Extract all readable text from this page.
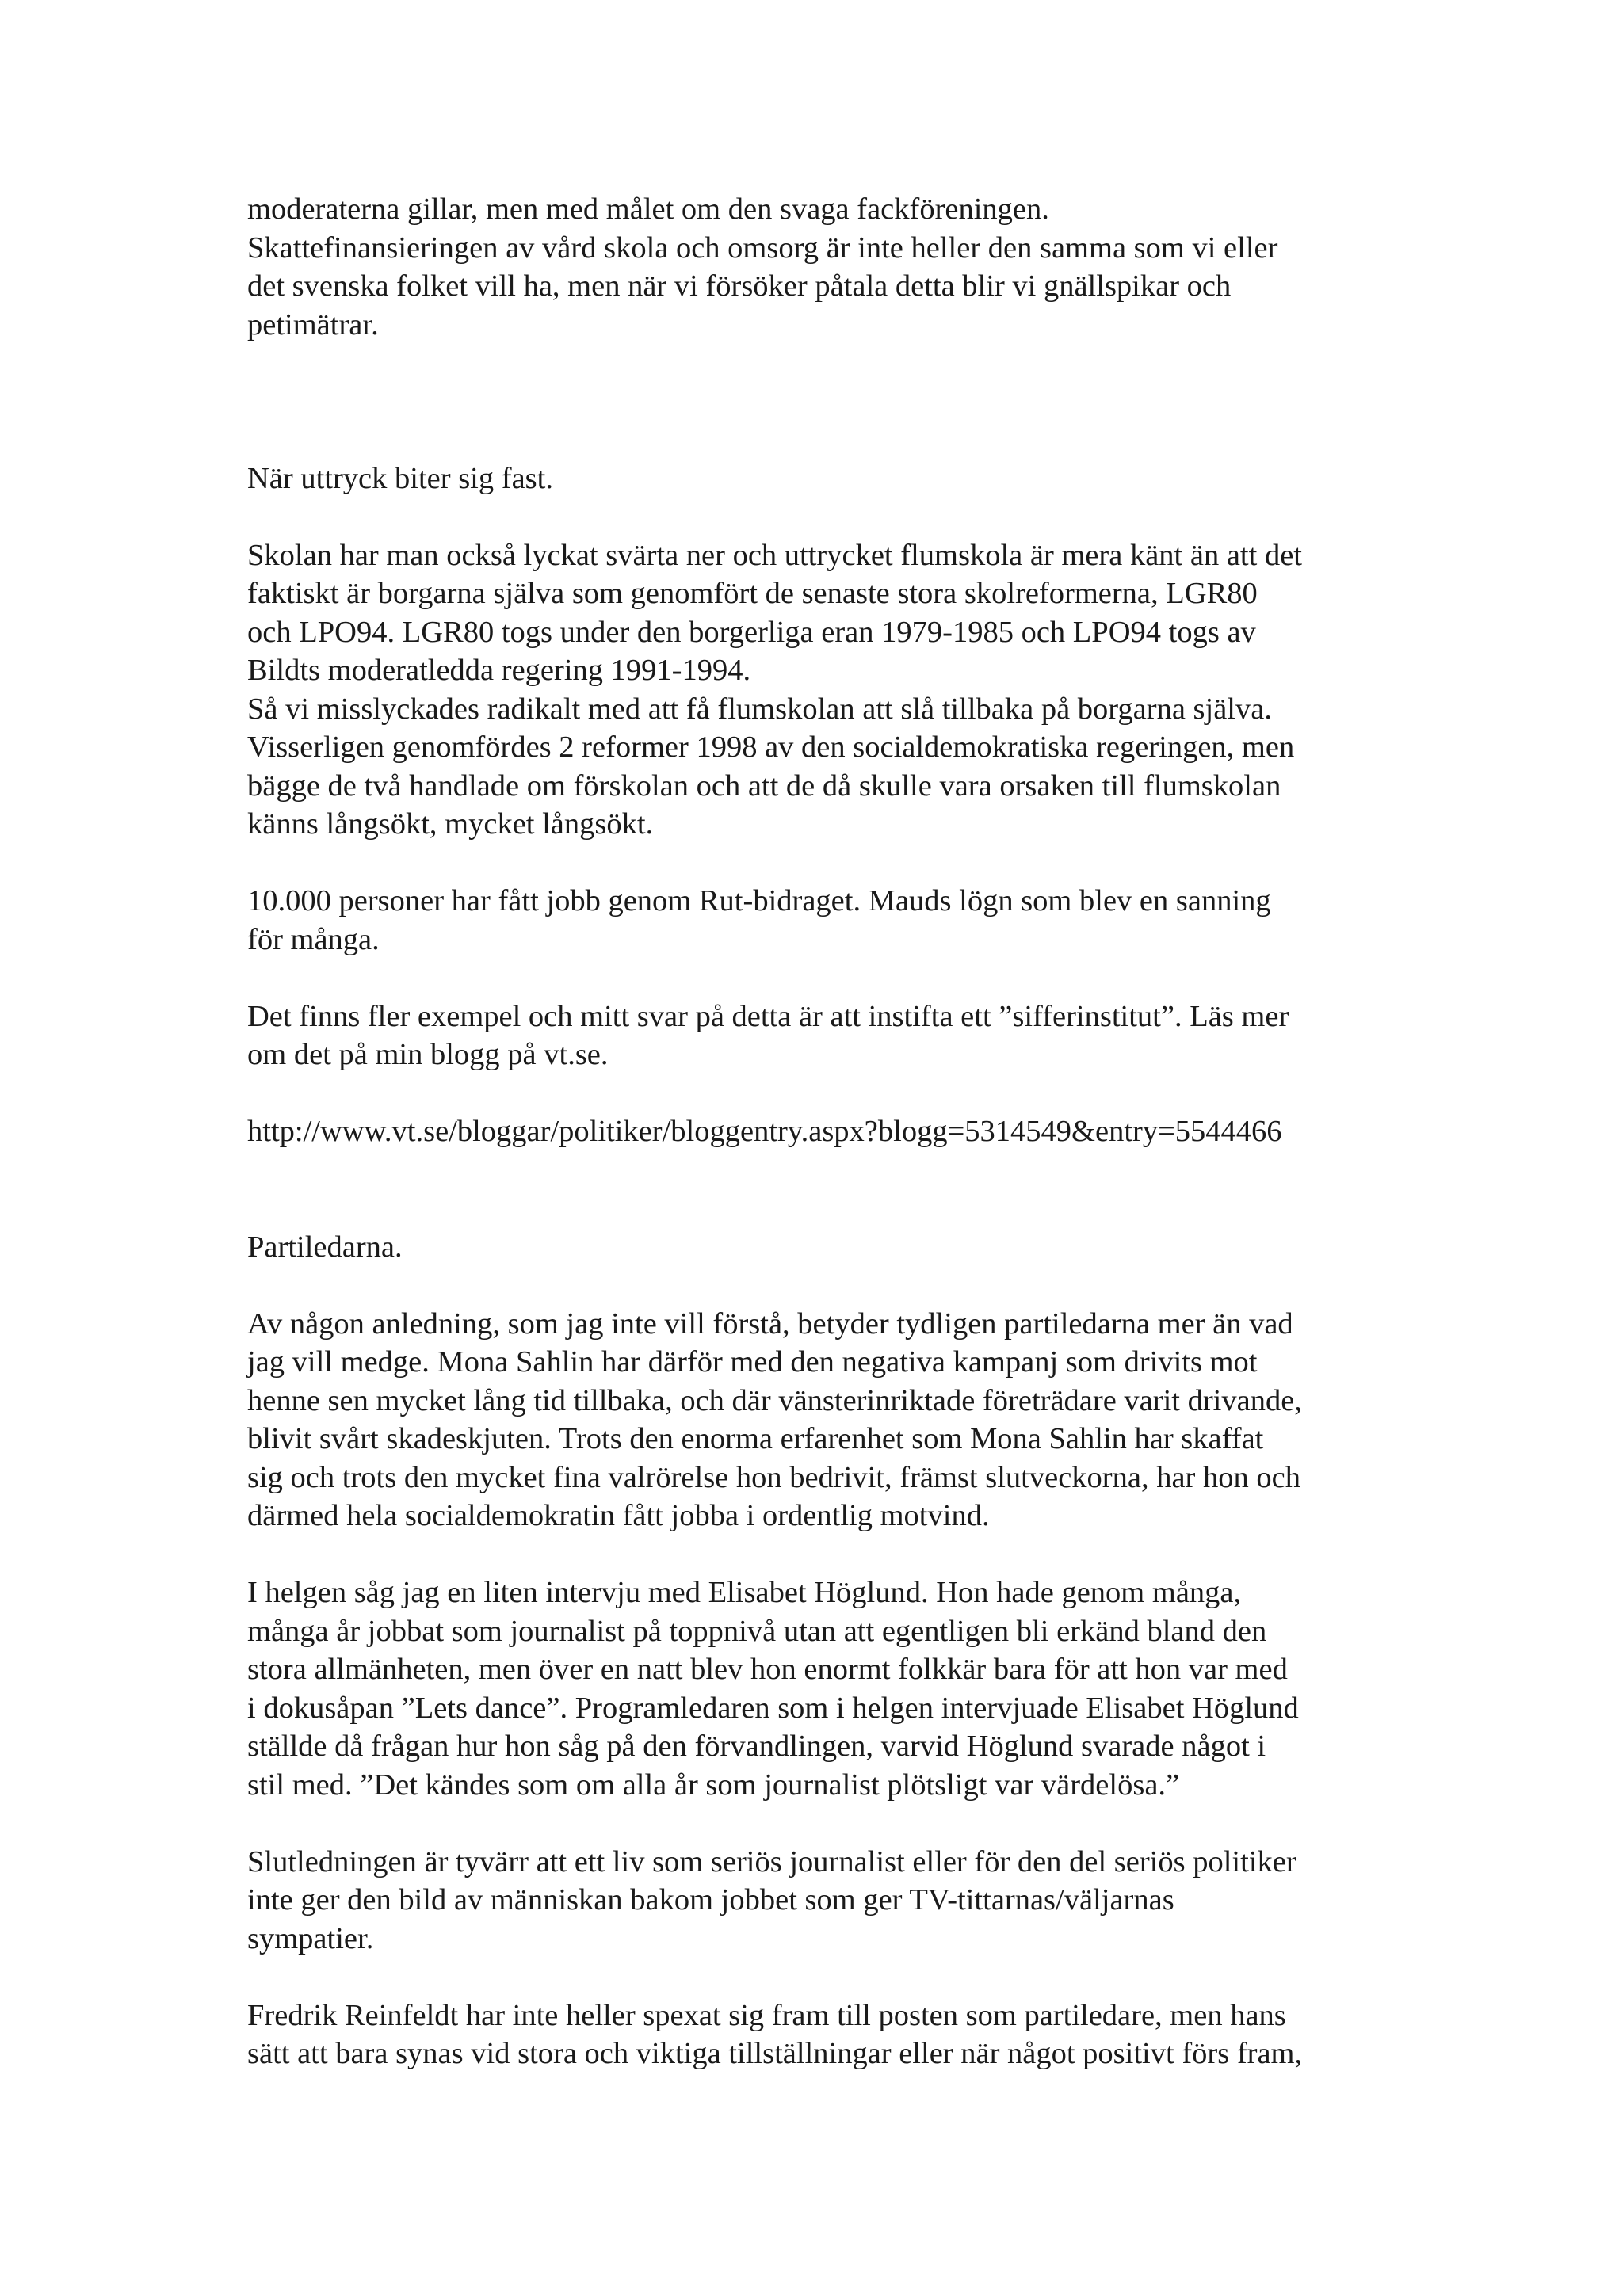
moderaterna gillar, men med målet om den svaga fackföreningen.
Skattefinansieringen av vård skola och omsorg är inte heller den samma som vi eller
det svenska folket vill ha, men när vi försöker påtala detta blir vi gnällspikar och
petimätrar.
När uttryck biter sig fast.
Skolan har man också lyckat svärta ner och uttrycket flumskola är mera känt än att det
faktiskt är borgarna själva som genomfört de senaste stora skolreformerna, LGR80
och LPO94. LGR80 togs under den borgerliga eran 1979-1985 och LPO94 togs av
Bildts moderatledda regering 1991-1994.
Så vi misslyckades radikalt med att få flumskolan att slå tillbaka på borgarna själva.
Visserligen genomfördes 2 reformer 1998 av den socialdemokratiska regeringen, men
bägge de två handlade om förskolan och att de då skulle vara orsaken till flumskolan
känns långsökt, mycket långsökt.
10.000 personer har fått jobb genom Rut-bidraget. Mauds lögn som blev en sanning
för många.
Det finns fler exempel och mitt svar på detta är att instifta ett ”sifferinstitut”. Läs mer
om det på min blogg på vt.se.
http://www.vt.se/bloggar/politiker/bloggentry.aspx?blogg=5314549&entry=5544466
Partiledarna.
Av någon anledning, som jag inte vill förstå, betyder tydligen partiledarna mer än vad
jag vill medge. Mona Sahlin har därför med den negativa kampanj som drivits mot
henne sen mycket lång tid tillbaka, och där vänsterinriktade företrädare varit drivande,
blivit svårt skadeskjuten. Trots den enorma erfarenhet som Mona Sahlin har skaffat
sig och trots den mycket fina valrörelse hon bedrivit, främst slutveckorna, har hon och
därmed hela socialdemokratin fått jobba i ordentlig motvind.
I helgen såg jag en liten intervju med Elisabet Höglund. Hon hade genom många,
många år jobbat som journalist på toppnivå utan att egentligen bli erkänd bland den
stora allmänheten, men över en natt blev hon enormt folkkär bara för att hon var med
i dokusåpan ”Lets dance”. Programledaren som i helgen intervjuade Elisabet Höglund
ställde då frågan hur hon såg på den förvandlingen, varvid Höglund svarade något i
stil med. ”Det kändes som om alla år som journalist plötsligt var värdelösa.”
Slutledningen är tyvärr att ett liv som seriös journalist eller för den del seriös politiker
inte ger den bild av människan bakom jobbet som ger TV-tittarnas/väljarnas
sympatier.
Fredrik Reinfeldt har inte heller spexat sig fram till posten som partiledare, men hans
sätt att bara synas vid stora och viktiga tillställningar eller när något positivt förs fram,
